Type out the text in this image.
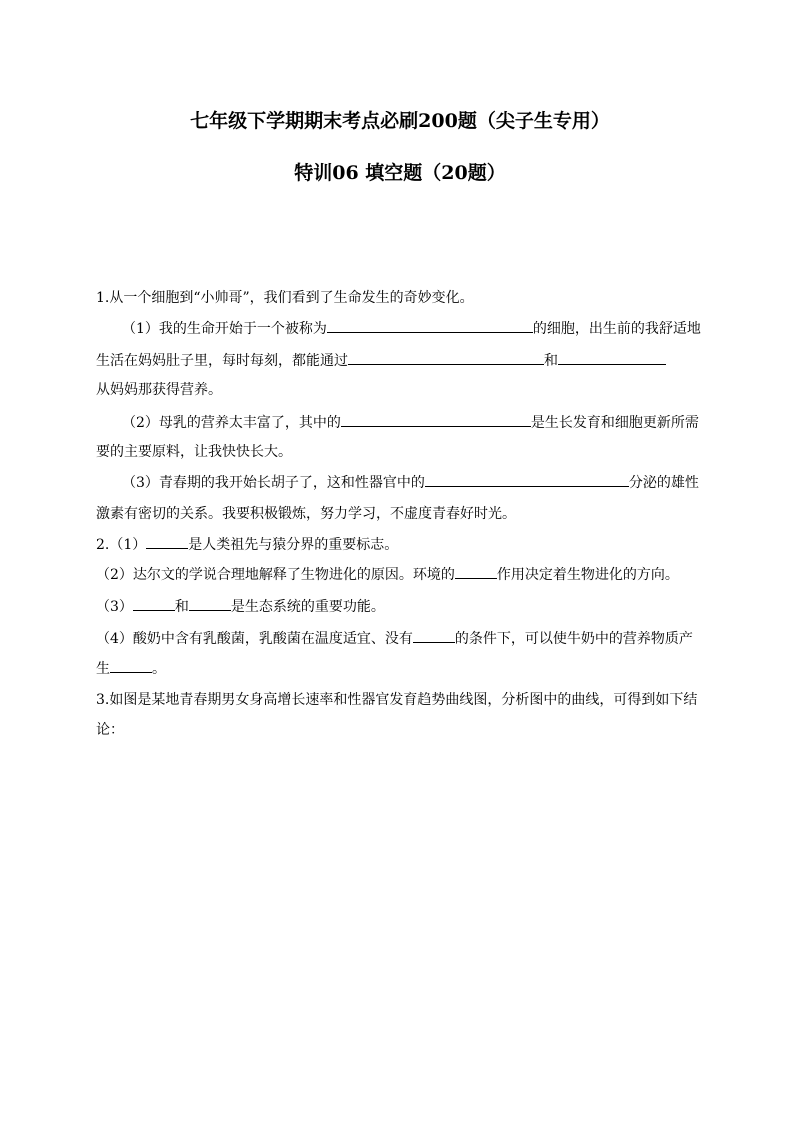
七年级下学期期末考点必刷200题（尖子生专用）
特训06 填空题（20题）
1.从一个细胞到“小帅哥”，我们看到了生命发生的奇妙变化。
（1）我的生命开始于一个被称为	的细胞，出生前的我舒适地
生活在妈妈肚子里，每时每刻，都能通过	和
从妈妈那获得营养。
（2）母乳的营养太丰富了，其中的	是生长发育和细胞更新所需
要的主要原料，让我快快长大。
（3）青春期的我开始长胡子了，这和性器官中的	分泌的雄性
激素有密切的关系。我要积极锻炼，努力学习，不虚度青春好时光。
2.（1）	是人类祖先与猿分界的重要标志。
（2）达尔文的学说合理地解释了生物进化的原因。环境的	作用决定着生物进化的方向。
（3）	和	是生态系统的重要功能。
（4）酸奶中含有乳酸菌，乳酸菌在温度适宜、没有	的条件下，可以使牛奶中的营养物质产
生	。
3.如图是某地青春期男女身高增长速率和性器官发育趋势曲线图，分析图中的曲线，可得到如下结
论：
